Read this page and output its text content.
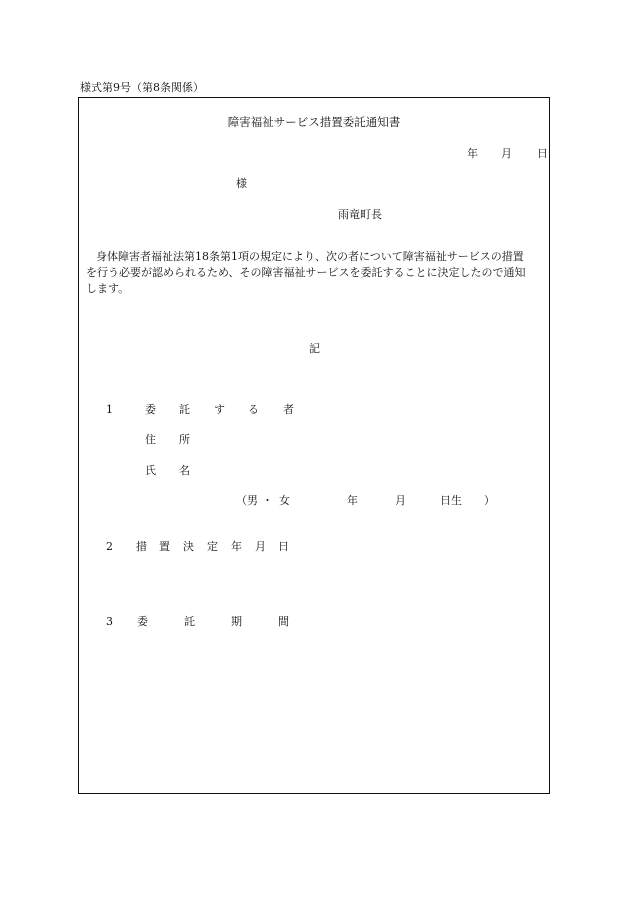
様式第9号（第8条関係）
障害福祉サービス措置委託通知書
年 月 日
様
雨竜町長
身体障害者福祉法第18条第1項の規定により、次の者について障害福祉サービスの措置
を行う必要が認められるため、その障害福祉サービスを委託することに決定したので通知
します。
記
1	委 託 す る 者
住 所
氏 名
（男 ・ 女	年	月	日生 ）
2 措 置 決 定 年 月 日
3 委	託	期	間
